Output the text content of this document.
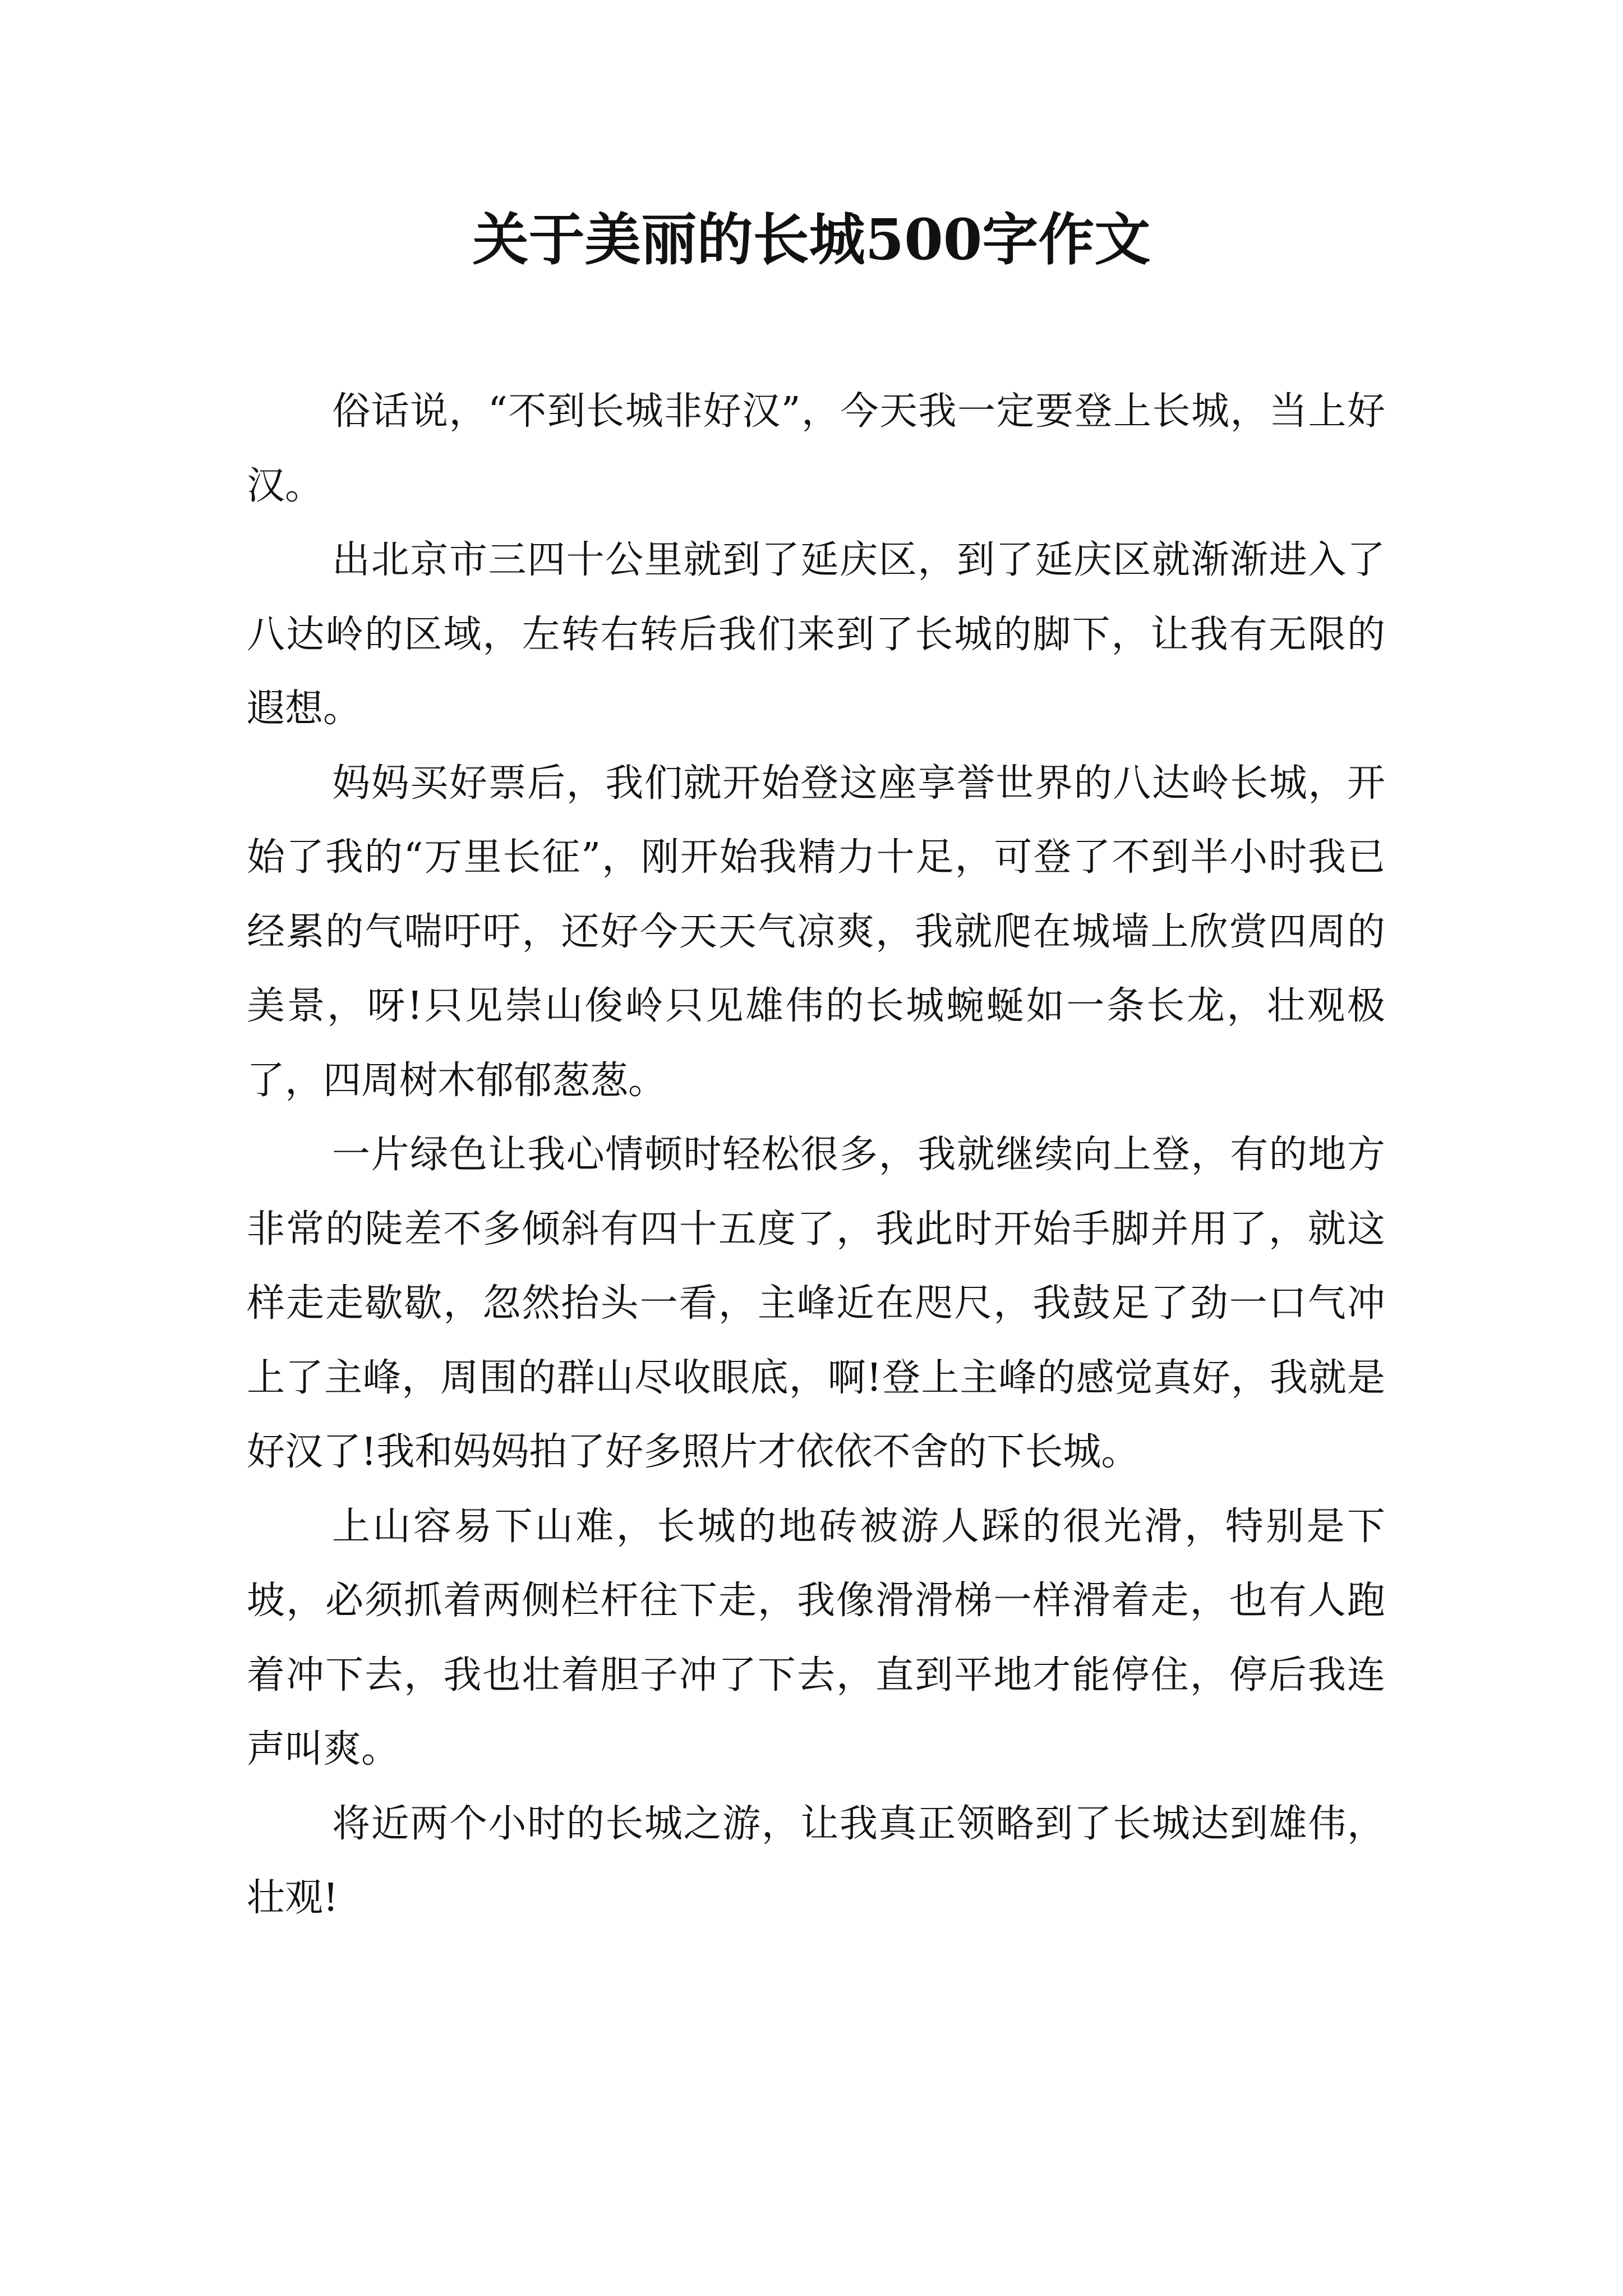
关于美丽的长城500字作文

俗话说，“不到长城非好汉”，今天我一定要登上长城，当上好汉。

出北京市三四十公里就到了延庆区，到了延庆区就渐渐进入了八达岭的区域，左转右转后我们来到了长城的脚下，让我有无限的遐想。

妈妈买好票后，我们就开始登这座享誉世界的八达岭长城，开始了我的“万里长征”，刚开始我精力十足，可登了不到半小时我已经累的气喘吁吁，还好今天天气凉爽，我就爬在城墙上欣赏四周的美景，呀!只见崇山俊岭只见雄伟的长城蜿蜒如一条长龙，壮观极了，四周树木郁郁葱葱。

一片绿色让我心情顿时轻松很多，我就继续向上登，有的地方非常的陡差不多倾斜有四十五度了，我此时开始手脚并用了，就这样走走歇歇，忽然抬头一看，主峰近在咫尺，我鼓足了劲一口气冲上了主峰，周围的群山尽收眼底，啊!登上主峰的感觉真好，我就是好汉了!我和妈妈拍了好多照片才依依不舍的下长城。

上山容易下山难，长城的地砖被游人踩的很光滑，特别是下坡，必须抓着两侧栏杆往下走，我像滑滑梯一样滑着走，也有人跑着冲下去，我也壮着胆子冲了下去，直到平地才能停住，停后我连声叫爽。

将近两个小时的长城之游，让我真正领略到了长城达到雄伟，壮观!
